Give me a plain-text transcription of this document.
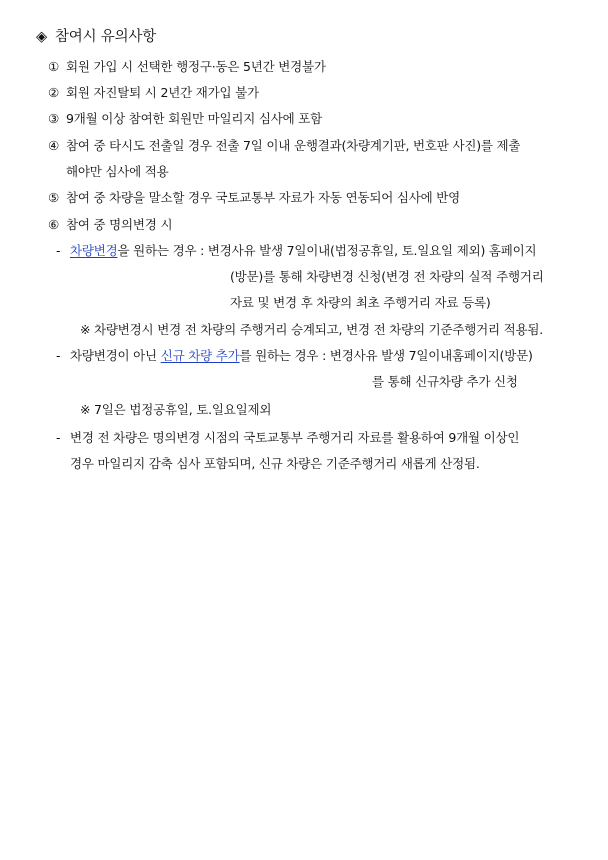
◈ 참여시 유의사항
① 회원 가입 시 선택한 행정구·동은 5년간 변경불가
② 회원 자진탈퇴 시 2년간 재가입 불가
③ 9개월 이상 참여한 회원만 마일리지 심사에 포함
④ 참여 중 타시도 전출일 경우 전출 7일 이내 운행결과(차량계기판, 번호판 사진)를 제출
해야만 심사에 적용
⑤ 참여 중 차량을 말소할 경우 국토교통부 자료가 자동 연동되어 심사에 반영
⑥ 참여 중 명의변경 시
- 차량변경을 원하는 경우 : 변경사유 발생 7일이내(법정공휴일, 토.일요일 제외) 홈페이지
(방문)를 통해 차량변경 신청(변경 전 차량의 실적 주행거리
자료 및 변경 후 차량의 최초 주행거리 자료 등록)
※ 차량변경시 변경 전 차량의 주행거리 승계되고, 변경 전 차량의 기준주행거리 적용됨.
- 차량변경이 아닌 신규 차량 추가를 원하는 경우 : 변경사유 발생 7일이내홈페이지(방문)
를 통해 신규차량 추가 신청
※ 7일은 법정공휴일, 토.일요일제외
- 변경 전 차량은 명의변경 시점의 국토교통부 주행거리 자료를 활용하여 9개월 이상인
경우 마일리지 감축 심사 포함되며, 신규 차량은 기준주행거리 새롭게 산정됨.
